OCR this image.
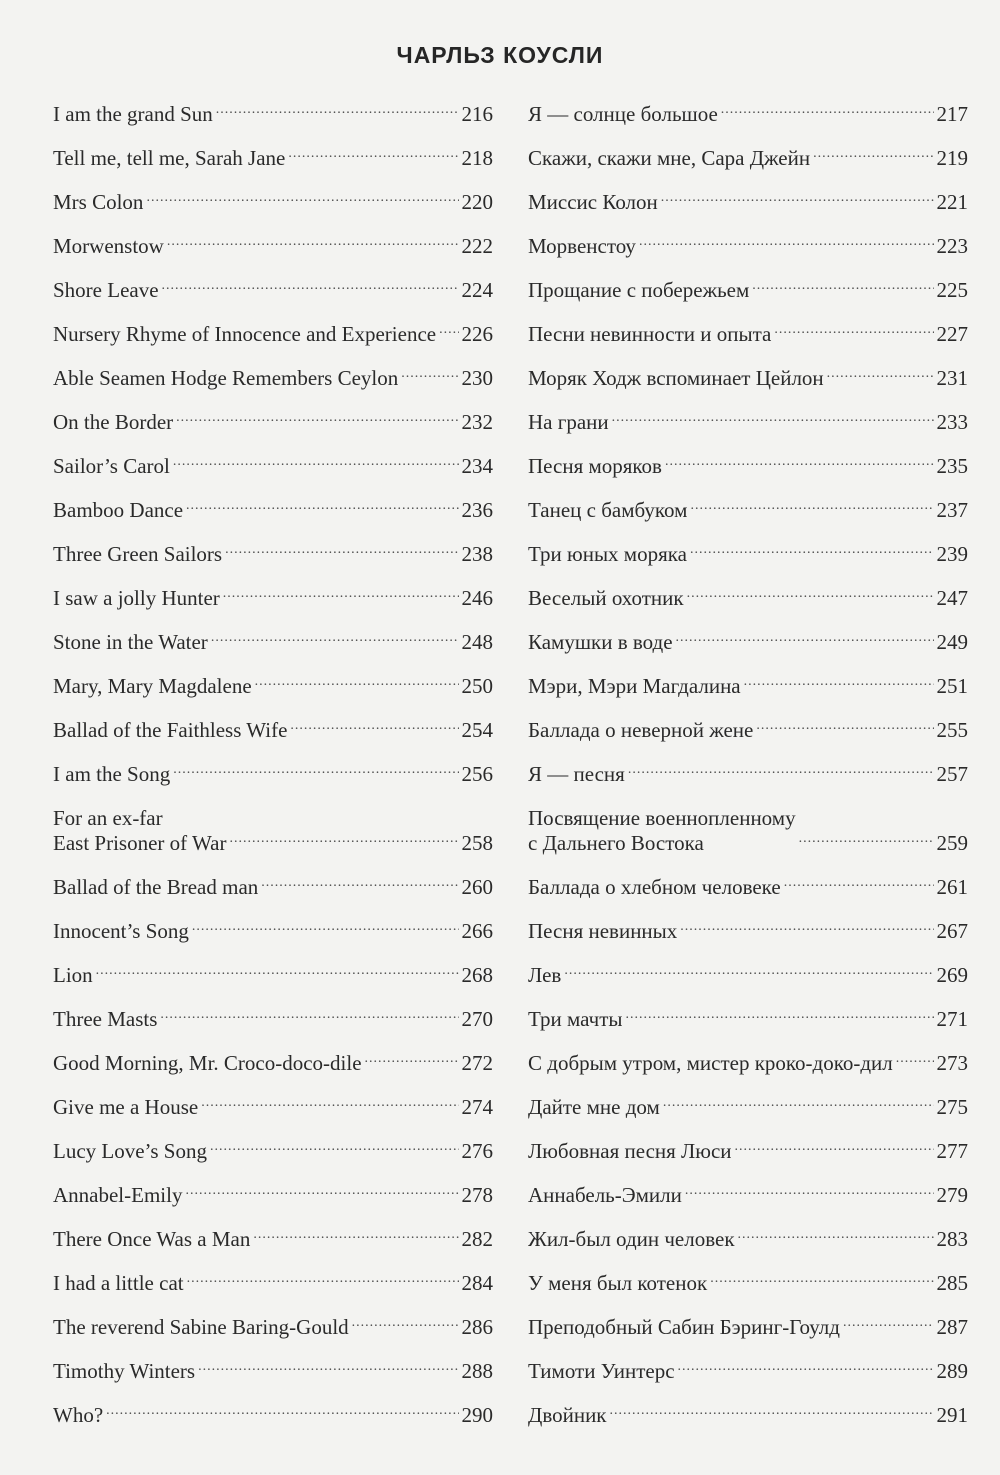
ЧАРЛЬЗ КОУСЛИ
I am the grand Sun .....	216
Tell me, tell me, Sarah Jane .....	218
Mrs Colon .....	220
Morwenstow .....	222
Shore Leave .....	224
Nursery Rhyme of Innocence and Experience ..... 226
Able Seamen Hodge Remembers Ceylon .....	230
On the Border .....	232
Sailor’s Carol .....	234
Bamboo Dance .....	236
Three Green Sailors .....	238
I saw a jolly Hunter .....	246
Stone in the Water .....	248
Mary, Mary Magdalene .....	250
Ballad of the Faithless Wife .....	254
I am the Song .....	256
For an ex-far
East Prisoner of War .....	258
Ballad of the Bread man .....	260
Innocent’s Song .....	266
Lion .....	268
Three Masts .....	270
Good Morning, Mr. Croco-doco-dile .....	272
Give me a House .....	274
Lucy Love’s Song .....	276
Annabel-Emily .....	278
There Once Was a Man .....	282
I had a little cat .....	284
The reverend Sabine Baring-Gould .....	286
Timothy Winters .....	288
Who? .....	290
Я — солнце большое .....	217
Скажи, скажи мне, Сара Джейн .....	219
Миссис Колон .....	221
Морвенстоу .....	223
Прощание с побережьем .....	225
Песни невинности и опыта .....	227
Моряк Ходж вспоминает Цейлон .....	231
На грани .....	233
Песня моряков .....	235
Танец с бамбуком .....	237
Три юных моряка .....	239
Веселый охотник .....	247
Камушки в воде .....	249
Мэри, Мэри Магдалина .....	251
Баллада о неверной жене .....	255
Я — песня .....	257
Посвящение военнопленному
с Дальнего Востока .....	259
Баллада о хлебном человеке .....	261
Песня невинных .....	267
Лев .....	269
Три мачты .....	271
С добрым утром, мистер кроко-доко-дил ..... 273
Дайте мне дом .....	275
Любовная песня Люси .....	277
Аннабель-Эмили .....	279
Жил-был один человек .....	283
У меня был котенок .....	285
Преподобный Сабин Бэринг-Гоулд .....	287
Тимоти Уинтерс .....	289
Двойник .....	291
